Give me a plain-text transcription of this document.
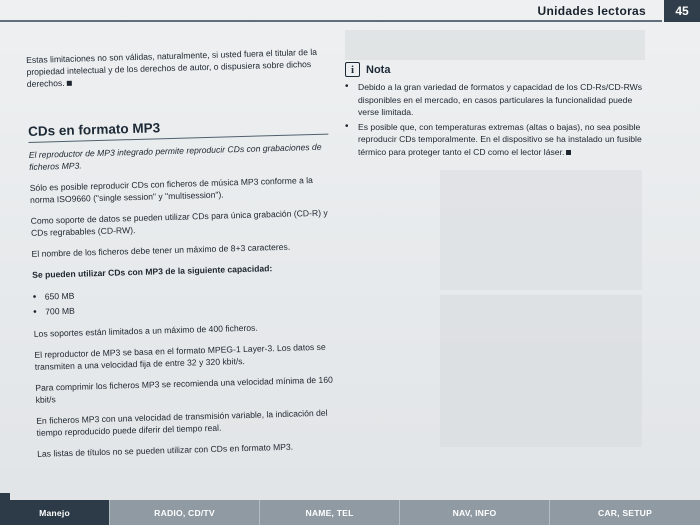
Unidades lectoras	45

Estas limitaciones no son válidas, naturalmente, si usted fuera el titular de la propiedad intelectual y de los derechos de autor, o dispusiera sobre dichos derechos.

CDs en formato MP3

El reproductor de MP3 integrado permite reproducir CDs con grabaciones de ficheros MP3.

Sólo es posible reproducir CDs con ficheros de música MP3 conforme a la norma ISO9660 ("single session" y "multisession").

Como soporte de datos se pueden utilizar CDs para única grabación (CD-R) y CDs regrabables (CD-RW).

El nombre de los ficheros debe tener un máximo de 8+3 caracteres.

Se pueden utilizar CDs con MP3 de la siguiente capacidad:

• 650 MB
• 700 MB

Los soportes están limitados a un máximo de 400 ficheros.

El reproductor de MP3 se basa en el formato MPEG-1 Layer-3. Los datos se transmiten a una velocidad fija de entre 32 y 320 kbit/s.

Para comprimir los ficheros MP3 se recomienda una velocidad mínima de 160 kbit/s

En ficheros MP3 con una velocidad de transmisión variable, la indicación del tiempo reproducido puede diferir del tiempo real.

Las listas de títulos no se pueden utilizar con CDs en formato MP3.

i	Nota
• Debido a la gran variedad de formatos y capacidad de los CD-Rs/CD-RWs disponibles en el mercado, en casos particulares la funcionalidad puede verse limitada.
• Es posible que, con temperaturas extremas (altas o bajas), no sea posible reproducir CDs temporalmente. En el dispositivo se ha instalado un fusible térmico para proteger tanto el CD como el lector láser.
Manejo	RADIO, CD/TV	NAME, TEL	NAV, INFO	CAR, SETUP
